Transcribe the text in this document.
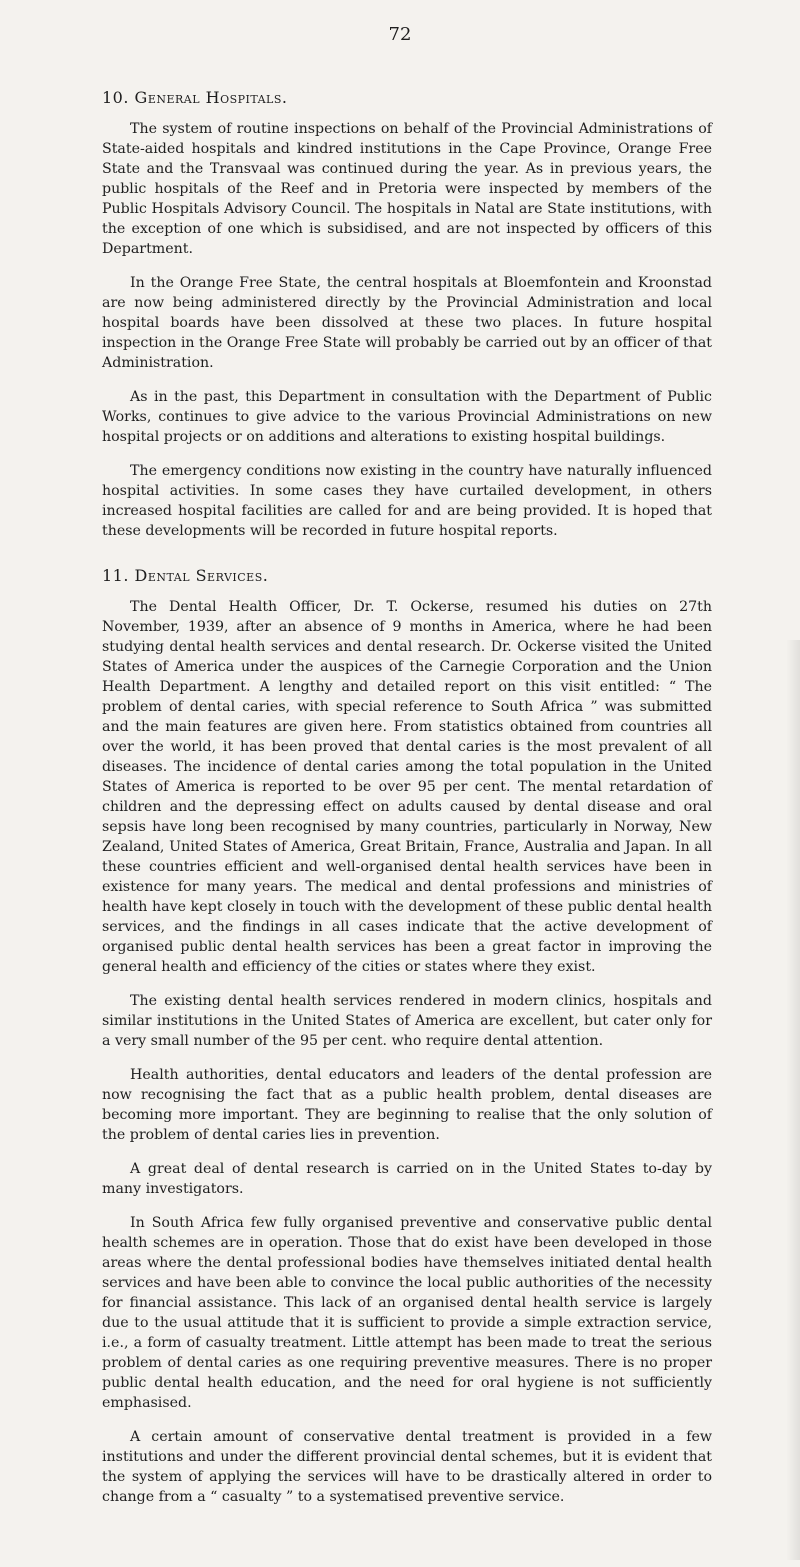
72
10. General Hospitals.

The system of routine inspections on behalf of the Provincial Administrations of State-aided hospitals and kindred institutions in the Cape Province, Orange Free State and the Transvaal was continued during the year. As in previous years, the public hospitals of the Reef and in Pretoria were inspected by members of the Public Hospitals Advisory Council. The hospitals in Natal are State institutions, with the exception of one which is subsidised, and are not inspected by officers of this Department.

In the Orange Free State, the central hospitals at Bloemfontein and Kroonstad are now being administered directly by the Provincial Administration and local hospital boards have been dissolved at these two places. In future hospital inspection in the Orange Free State will probably be carried out by an officer of that Administration.

As in the past, this Department in consultation with the Department of Public Works, continues to give advice to the various Provincial Administrations on new hospital projects or on additions and alterations to existing hospital buildings.

The emergency conditions now existing in the country have naturally influenced hospital activities. In some cases they have curtailed development, in others increased hospital facilities are called for and are being provided. It is hoped that these developments will be recorded in future hospital reports.

11. Dental Services.

The Dental Health Officer, Dr. T. Ockerse, resumed his duties on 27th November, 1939, after an absence of 9 months in America, where he had been studying dental health services and dental research. Dr. Ockerse visited the United States of America under the auspices of the Carnegie Corporation and the Union Health Department. A lengthy and detailed report on this visit entitled: “ The problem of dental caries, with special reference to South Africa ” was submitted and the main features are given here. From statistics obtained from countries all over the world, it has been proved that dental caries is the most prevalent of all diseases. The incidence of dental caries among the total population in the United States of America is reported to be over 95 per cent. The mental retardation of children and the depressing effect on adults caused by dental disease and oral sepsis have long been recognised by many countries, particularly in Norway, New Zealand, United States of America, Great Britain, France, Australia and Japan. In all these countries efficient and well-organised dental health services have been in existence for many years. The medical and dental professions and ministries of health have kept closely in touch with the development of these public dental health services, and the findings in all cases indicate that the active development of organised public dental health services has been a great factor in improving the general health and efficiency of the cities or states where they exist.

The existing dental health services rendered in modern clinics, hospitals and similar institutions in the United States of America are excellent, but cater only for a very small number of the 95 per cent. who require dental attention.

Health authorities, dental educators and leaders of the dental profession are now recognising the fact that as a public health problem, dental diseases are becoming more important. They are beginning to realise that the only solution of the problem of dental caries lies in prevention.

A great deal of dental research is carried on in the United States to-day by many investigators.

In South Africa few fully organised preventive and conservative public dental health schemes are in operation. Those that do exist have been developed in those areas where the dental professional bodies have themselves initiated dental health services and have been able to convince the local public authorities of the necessity for financial assistance. This lack of an organised dental health service is largely due to the usual attitude that it is sufficient to provide a simple extraction service, i.e., a form of casualty treatment. Little attempt has been made to treat the serious problem of dental caries as one requiring preventive measures. There is no proper public dental health education, and the need for oral hygiene is not sufficiently emphasised.

A certain amount of conservative dental treatment is provided in a few institutions and under the different provincial dental schemes, but it is evident that the system of applying the services will have to be drastically altered in order to change from a “ casualty ” to a systematised preventive service.
